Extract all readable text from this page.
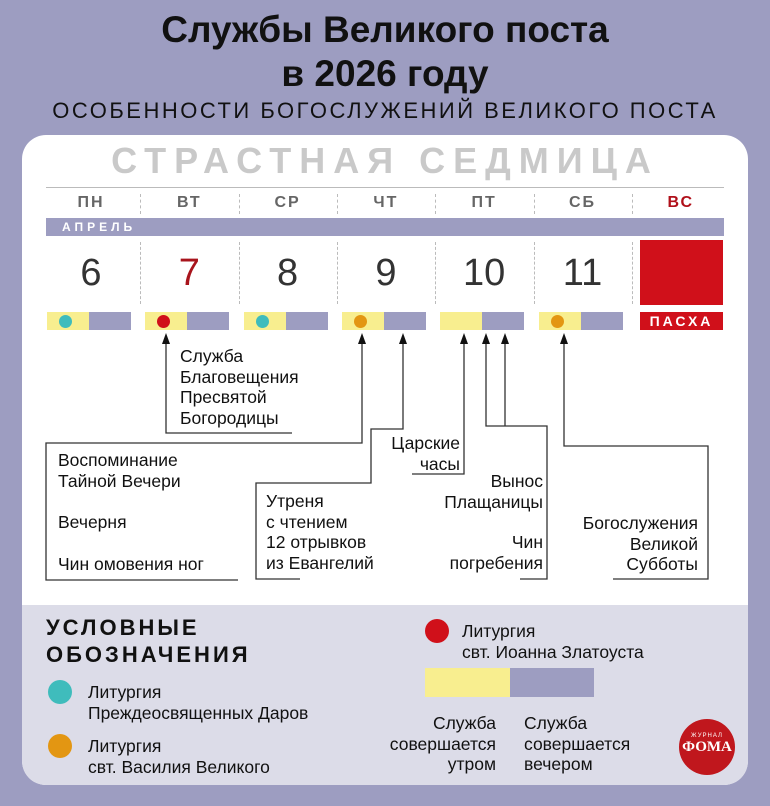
Службы Великого поста
в 2026 году
ОСОБЕННОСТИ БОГОСЛУЖЕНИЙ ВЕЛИКОГО ПОСТА
СТРАСТНАЯ СЕДМИЦА
АПРЕЛЬ
ПН
6
ВТ
7
СР
8
ЧТ
9
ПТ
10
СБ
11
ВС
ПАСХА
Служба
Благовещения
Пресвятой
Богородицы
Воспоминание
Тайной Вечери
Вечерня
Чин омовения ног
Утреня
с чтением
12 отрывков
из Евангелий
Царские
часы
Вынос
Плащаницы
Чин
погребения
Богослужения
Великой
Субботы
УСЛОВНЫЕ
ОБОЗНАЧЕНИЯ
Литургия
Преждеосвященных Даров
Литургия
свт. Василия Великого
Литургия
свт. Иоанна Златоуста
Служба
совершается
утром
Служба
совершается
вечером
ЖУРНАЛ
ФОМА
